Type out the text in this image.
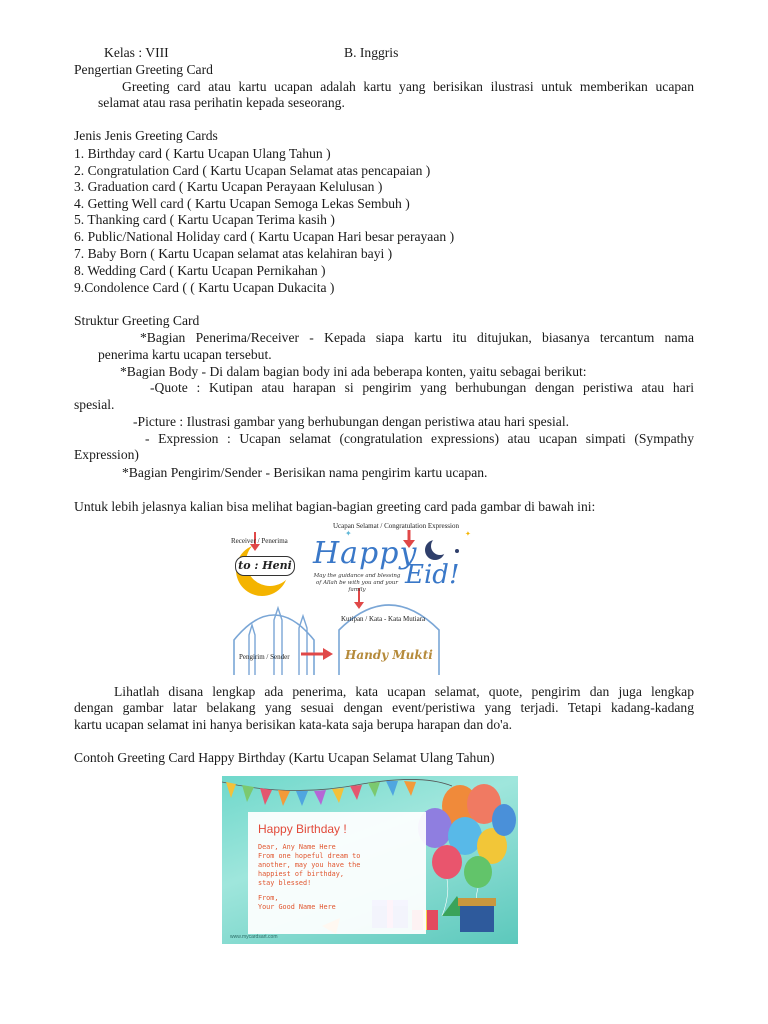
Kelas : VIII	B. Inggris
Pengertian Greeting Card
Greeting card atau kartu ucapan adalah kartu yang berisikan ilustrasi untuk memberikan ucapan
selamat atau rasa perihatin kepada seseorang.
Jenis Jenis Greeting Cards
1. Birthday card ( Kartu Ucapan Ulang Tahun )
2. Congratulation Card ( Kartu Ucapan Selamat atas pencapaian )
3. Graduation card ( Kartu Ucapan Perayaan Kelulusan )
4. Getting Well card ( Kartu Ucapan Semoga Lekas Sembuh )
5. Thanking card ( Kartu Ucapan Terima kasih )
6. Public/National Holiday card ( Kartu Ucapan Hari besar perayaan )
7. Baby Born ( Kartu Ucapan selamat atas kelahiran bayi )
8. Wedding Card ( Kartu Ucapan Pernikahan )
9.Condolence Card ( ( Kartu Ucapan Dukacita )
Struktur Greeting Card
*Bagian Penerima/Receiver - Kepada siapa kartu itu ditujukan, biasanya tercantum nama
penerima kartu ucapan tersebut.
*Bagian Body - Di dalam bagian body ini ada beberapa konten, yaitu sebagai berikut:
-Quote : Kutipan atau harapan si pengirim yang berhubungan dengan peristiwa atau hari
spesial.
-Picture : Ilustrasi gambar yang berhubungan dengan peristiwa atau hari spesial.
- Expression : Ucapan selamat (congratulation expressions) atau ucapan simpati (Sympathy
Expression)
*Bagian Pengirim/Sender - Berisikan nama pengirim kartu ucapan.
Untuk lebih jelasnya kalian bisa melihat bagian-bagian greeting card pada gambar di bawah ini:
✦	✦
Receiver / Penerima
Ucapan Selamat / Congratulation Expression
to : Heni Happy
Eid!
May the guidance and blessing of Allah be with you and your family
Kutipan / Kata - Kata Mutiara
Pengirim / Sender	Handy Mukti
Lihatlah disana lengkap ada penerima, kata ucapan selamat, quote, pengirim dan juga lengkap
dengan gambar latar belakang yang sesuai dengan event/peristiwa yang terjadi. Tetapi kadang-kadang
kartu ucapan selamat ini hanya berisikan kata-kata saja berupa harapan dan do'a.
Contoh Greeting Card Happy Birthday (Kartu Ucapan Selamat Ulang Tahun)
Happy Birthday !
Dear, Any Name Here
From one hopeful dream to
another, may you have the
happiest of birthday,
stay blessed!
From,
Your Good Name Here
www.mycardsart.com
